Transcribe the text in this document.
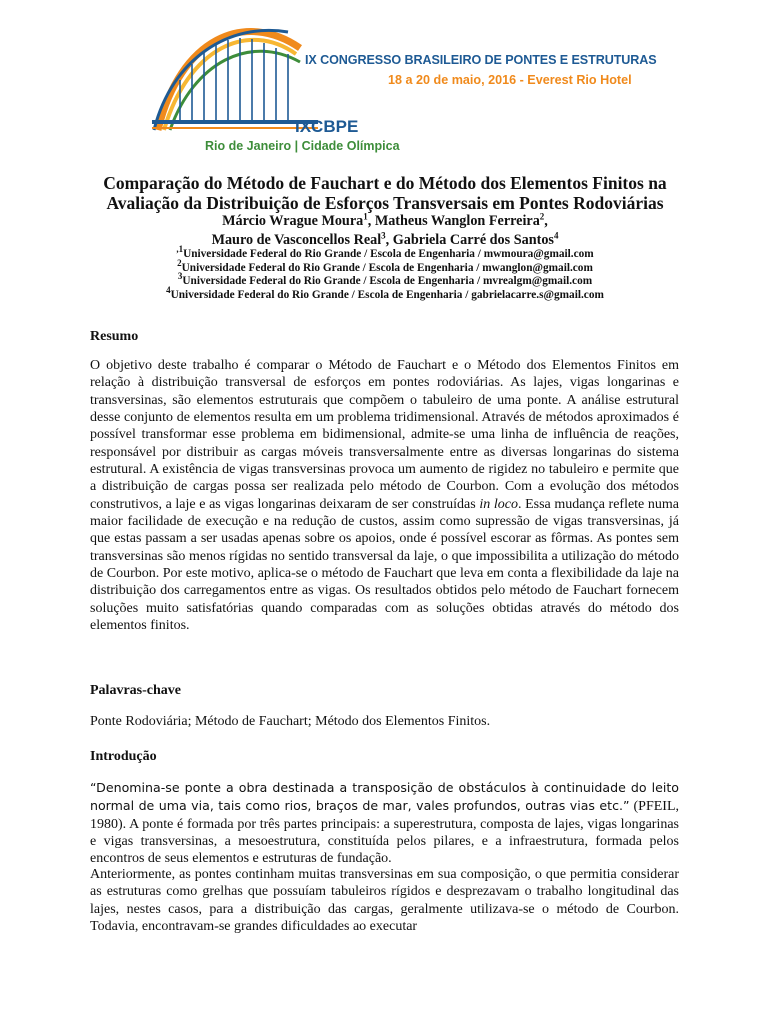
IX CONGRESSO BRASILEIRO DE PONTES E ESTRUTURAS
18 a 20 de maio, 2016 - Everest Rio Hotel
IXCBPE
Rio de Janeiro | Cidade Olímpica
Comparação do Método de Fauchart e do Método dos Elementos Finitos na
Avaliação da Distribuição de Esforços Transversais em Pontes Rodoviárias
Márcio Wrague Moura$^1$, Matheus Wanglon Ferreira$^2$,
Mauro de Vasconcellos Real$^3$, Gabriela Carré dos Santos$^4$
$^{,1}$Universidade Federal do Rio Grande / Escola de Engenharia / mwmoura@gmail.com
$^2$Universidade Federal do Rio Grande / Escola de Engenharia / mwanglon@gmail.com
$^3$Universidade Federal do Rio Grande / Escola de Engenharia / mvrealgm@gmail.com
$^4$Universidade Federal do Rio Grande / Escola de Engenharia / gabrielacarre.s@gmail.com
Resumo
O objetivo deste trabalho é comparar o Método de Fauchart e o Método dos Elementos Finitos em relação à distribuição transversal de esforços em pontes rodoviárias. As lajes, vigas longarinas e transversinas, são elementos estruturais que compõem o tabuleiro de uma ponte. A análise estrutural desse conjunto de elementos resulta em um problema tridimensional. Através de métodos aproximados é possível transformar esse problema em bidimensional, admite-se uma linha de influência de reações, responsável por distribuir as cargas móveis transversalmente entre as diversas longarinas do sistema estrutural. A existência de vigas transversinas provoca um aumento de rigidez no tabuleiro e permite que a distribuição de cargas possa ser realizada pelo método de Courbon. Com a evolução dos métodos construtivos, a laje e as vigas longarinas deixaram de ser construídas in loco. Essa mudança reflete numa maior facilidade de execução e na redução de custos, assim como supressão de vigas transversinas, já que estas passam a ser usadas apenas sobre os apoios, onde é possível escorar as fôrmas. As pontes sem transversinas são menos rígidas no sentido transversal da laje, o que impossibilita a utilização do método de Courbon. Por este motivo, aplica-se o método de Fauchart que leva em conta a flexibilidade da laje na distribuição dos carregamentos entre as vigas. Os resultados obtidos pelo método de Fauchart fornecem soluções muito satisfatórias quando comparadas com as soluções obtidas através do método dos elementos finitos.
Palavras-chave
Ponte Rodoviária; Método de Fauchart; Método dos Elementos Finitos.
Introdução
“Denomina-se ponte a obra destinada a transposição de obstáculos à continuidade do leito normal de uma via, tais como rios, braços de mar, vales profundos, outras vias etc.” (PFEIL, 1980). A ponte é formada por três partes principais: a superestrutura, composta de lajes, vigas longarinas e vigas transversinas, a mesoestrutura, constituída pelos pilares, e a infraestrutura, formada pelos encontros de seus elementos e estruturas de fundação.
Anteriormente, as pontes continham muitas transversinas em sua composição, o que permitia considerar as estruturas como grelhas que possuíam tabuleiros rígidos e desprezavam o trabalho longitudinal das lajes, nestes casos, para a distribuição das cargas, geralmente utilizava-se o método de Courbon. Todavia, encontravam-se grandes dificuldades ao executar
